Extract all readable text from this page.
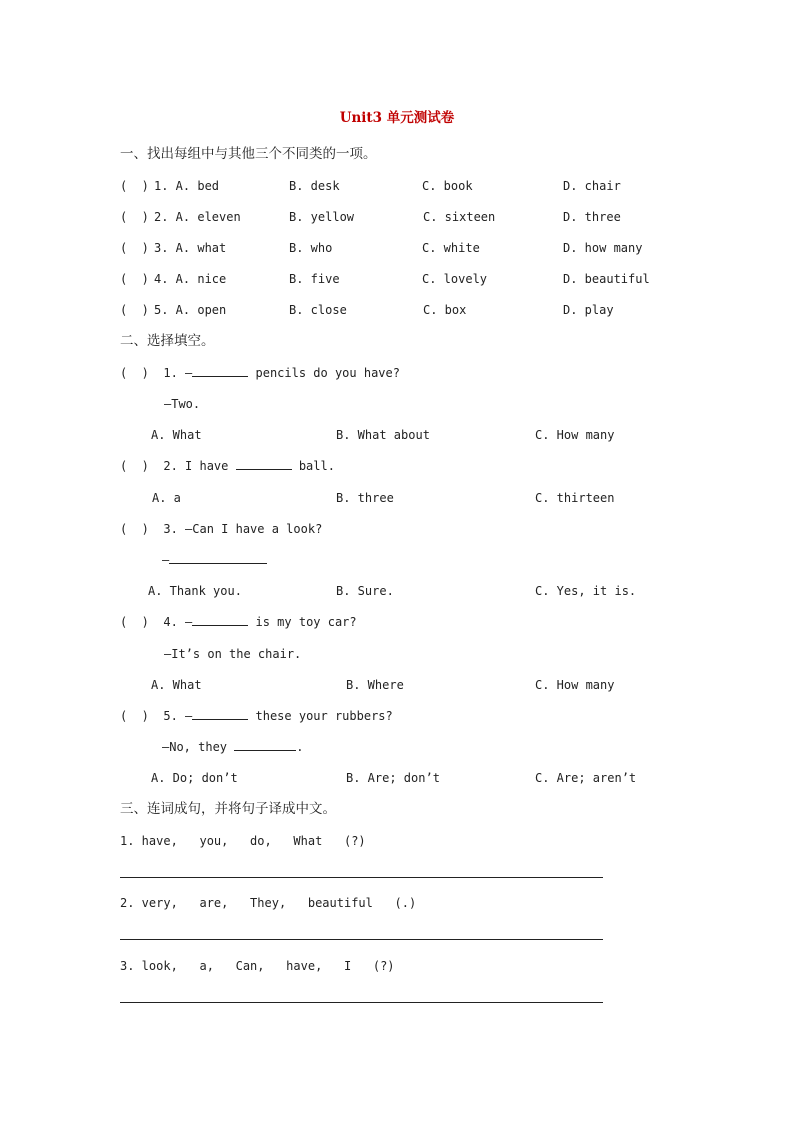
Unit3 单元测试卷
一、找出每组中与其他三个不同类的一项。
(  ) 1. A. bed	B. desk	C. book	D. chair
(  ) 2. A. eleven	B. yellow	C. sixteen	D. three
(  ) 3. A. what	B. who	C. white	D. how many
(  ) 4. A. nice	B. five	C. lovely	D. beautiful
(  ) 5. A. open	B. close	C. box	D. play
二、选择填空。
(  ) 1. —	pencils do you have?
—Two.
A. What	B. What about	C. How many
(  ) 2. I have	ball.
A. a	B. three	C. thirteen
(  ) 3. —Can I have a look?
—
A. Thank you.	B. Sure.	C. Yes, it is.
(  ) 4. —	is my toy car?
—It’s on the chair.
A. What	B. Where	C. How many
(  ) 5. —	these your rubbers?
—No, they	.
A. Do; don’t	B. Are; don’t	C. Are; aren’t
三、连词成句，并将句子译成中文。
1. have,   you,   do,   What   (?)
2. very,   are,   They,   beautiful   (.)
3. look,   a,   Can,   have,   I   (?)
